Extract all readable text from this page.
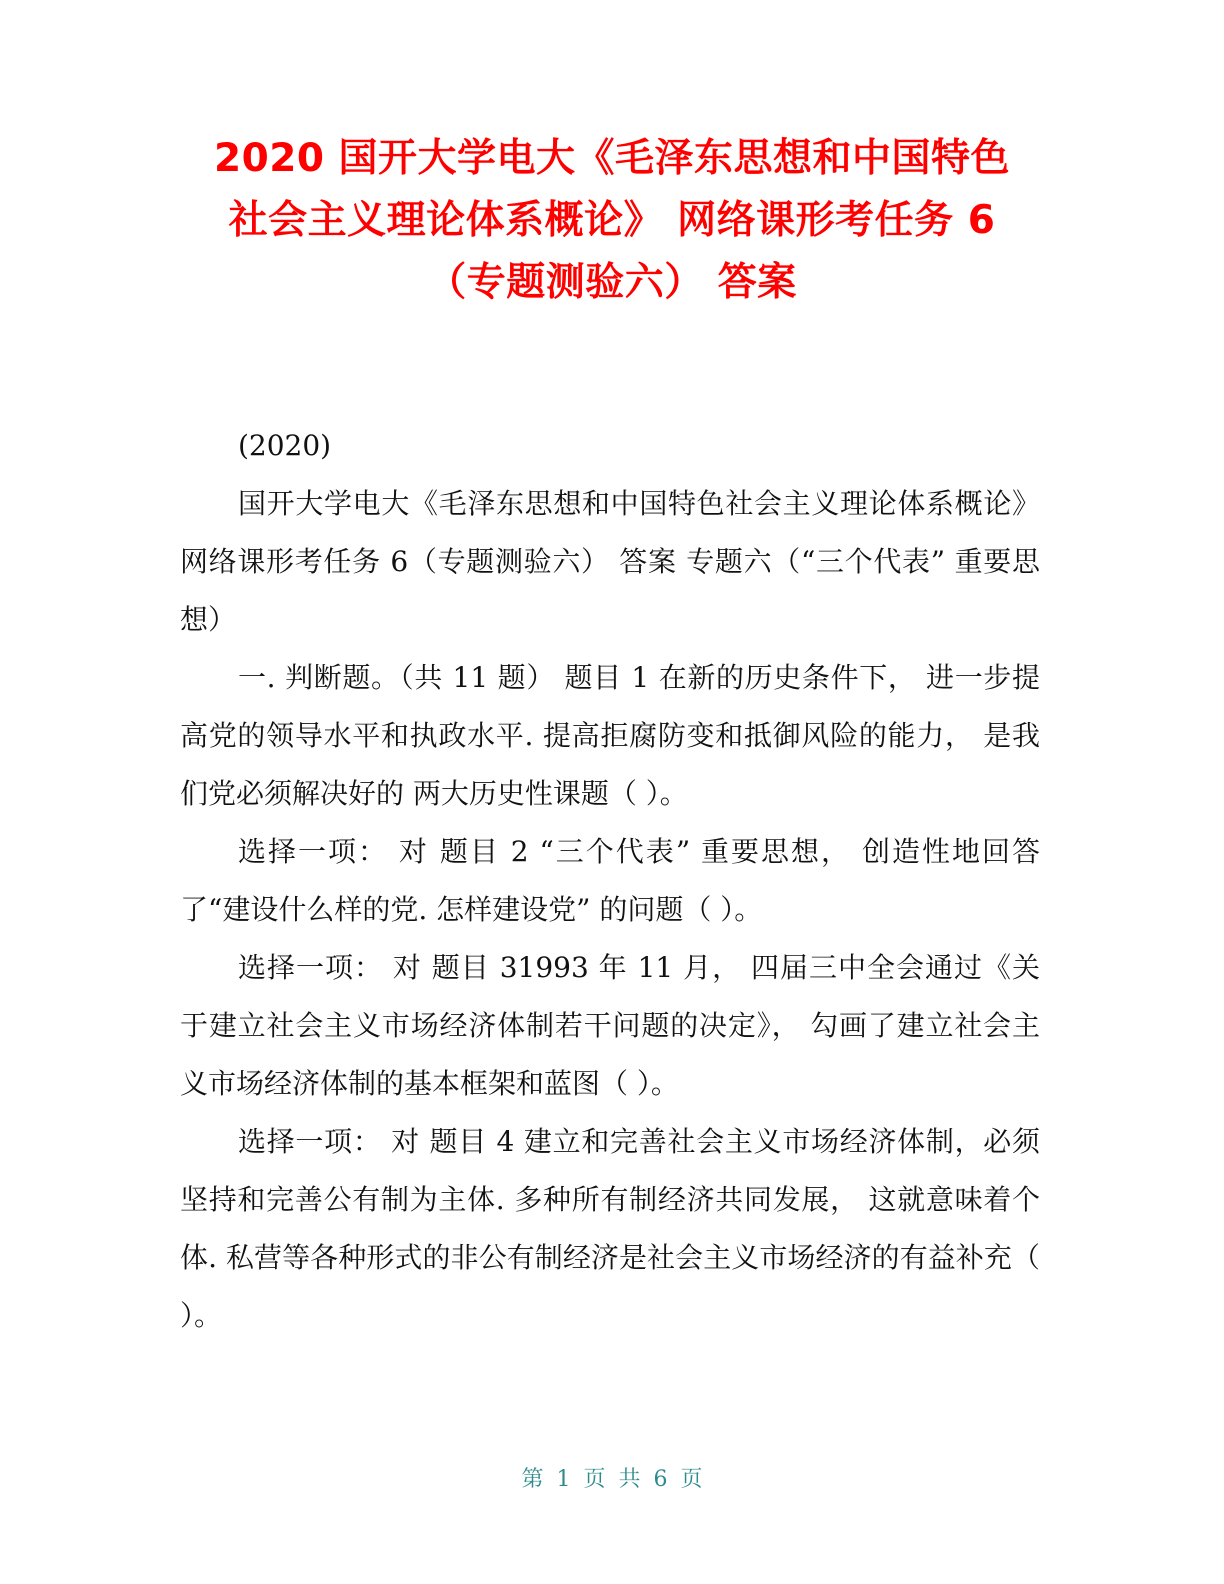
2020 国开大学电大《毛泽东思想和中国特色
社会主义理论体系概论》 网络课形考任务 6
（专题测验六） 答案

(2020)

国开大学电大《毛泽东思想和中国特色社会主义理论体系概论》 网络课形考任务 6（专题测验六） 答案 专题六（“三个代表” 重要思想）

一. 判断题。（共 11 题） 题目 1 在新的历史条件下， 进一步提高党的领导水平和执政水平. 提高拒腐防变和抵御风险的能力， 是我们党必须解决好的 两大历史性课题（ ）。

选择一项： 对 题目 2 “三个代表” 重要思想， 创造性地回答了“建设什么样的党. 怎样建设党” 的问题（ ）。

选择一项： 对 题目 31993 年 11 月， 四届三中全会通过《关于建立社会主义市场经济体制若干问题的决定》， 勾画了建立社会主义市场经济体制的基本框架和蓝图（ ）。

选择一项： 对 题目 4 建立和完善社会主义市场经济体制，必须坚持和完善公有制为主体. 多种所有制经济共同发展， 这就意味着个体. 私营等各种形式的非公有制经济是社会主义市场经济的有益补充（ ）。

第 1 页 共 6 页
